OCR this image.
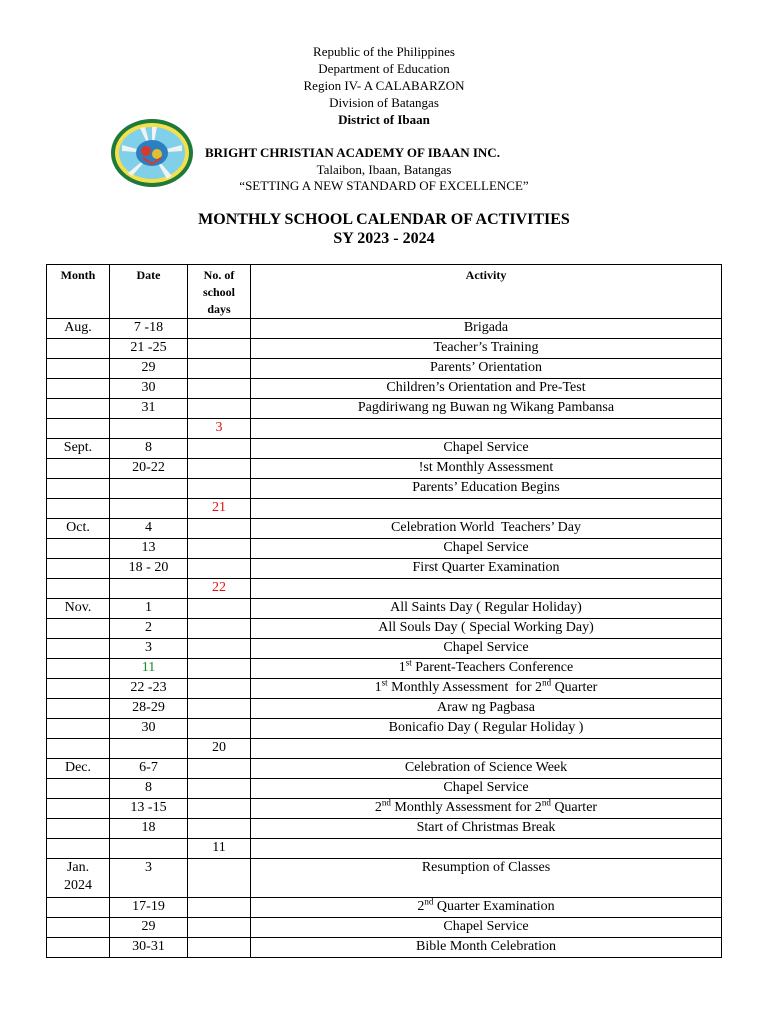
Republic of the Philippines
Department of Education
Region IV- A CALABARZON
Division of Batangas
District of Ibaan
BRIGHT CHRISTIAN ACADEMY OF IBAAN INC.
Talaibon, Ibaan, Batangas
“SETTING A NEW STANDARD OF EXCELLENCE”
MONTHLY SCHOOL CALENDAR OF ACTIVITIES
SY 2023 - 2024
Month	Date	No. of
school
days	Activity

Aug.	7 -18		Brigada

	21 -25		Teacher’s Training

	29		Parents’ Orientation

	30		Children’s Orientation and Pre-Test

	31		Pagdiriwang ng Buwan ng Wikang Pambansa

		3	

Sept.	8		Chapel Service

	20-22		!st Monthly Assessment

			Parents’ Education Begins

		21	

Oct.	4		Celebration World  Teachers’ Day

	13		Chapel Service

	18 - 20		First Quarter Examination

		22	

Nov.	1		All Saints Day ( Regular Holiday)

	2		All Souls Day ( Special Working Day)

	3		Chapel Service

	11		1st Parent-Teachers Conference

	22 -23		1st Monthly Assessment  for 2nd Quarter

	28-29		Araw ng Pagbasa

	30		Bonicafio Day ( Regular Holiday )

		20	

Dec.	6-7		Celebration of Science Week

	8		Chapel Service

	13 -15		2nd Monthly Assessment for 2nd Quarter

	18		Start of Christmas Break

		11	

Jan.
2024	3		Resumption of Classes

	17-19		2nd Quarter Examination

	29		Chapel Service

	30-31		Bible Month Celebration
